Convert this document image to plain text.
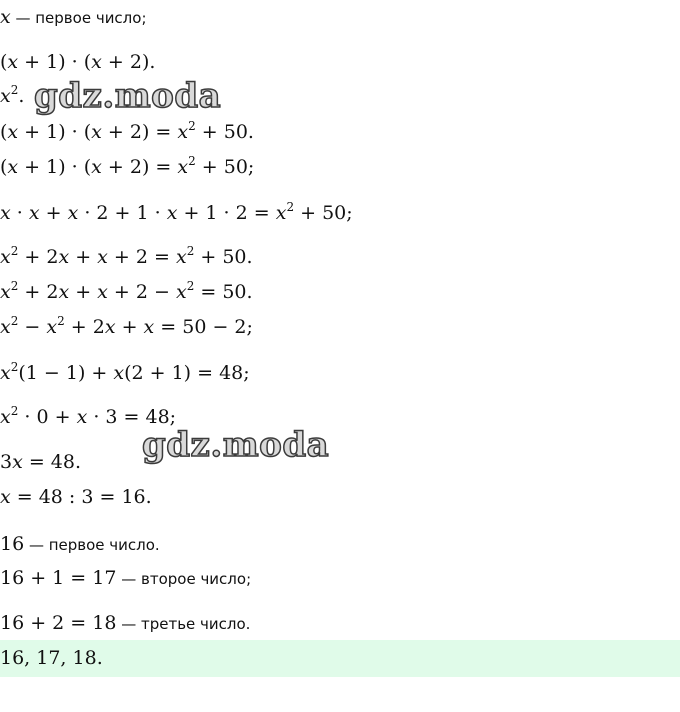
x — первое число;
(x + 1) · (x + 2).
$x^2$.
$(x + 1) \cdot (x + 2) = x^2 + 50$.
$(x + 1) \cdot (x + 2) = x^2 + 50$;
$x \cdot x + x \cdot 2 + 1 \cdot x + 1 \cdot 2 = x^2 + 50$;
$x^2 + 2x + x + 2 = x^2 + 50$.
$x^2 + 2x + x + 2 - x^2 = 50$.
$x^2 - x^2 + 2x + x = 50 - 2$;
$x^2(1 - 1) + x(2 + 1) = 48$;
$x^2 \cdot 0 + x \cdot 3 = 48$;
3x = 48.
x = 48 : 3 = 16.
16 — первое число.
16 + 1 = 17 — второе число;
16 + 2 = 18 — третье число.
16, 17, 18.
gdz.moda
gdz.moda
